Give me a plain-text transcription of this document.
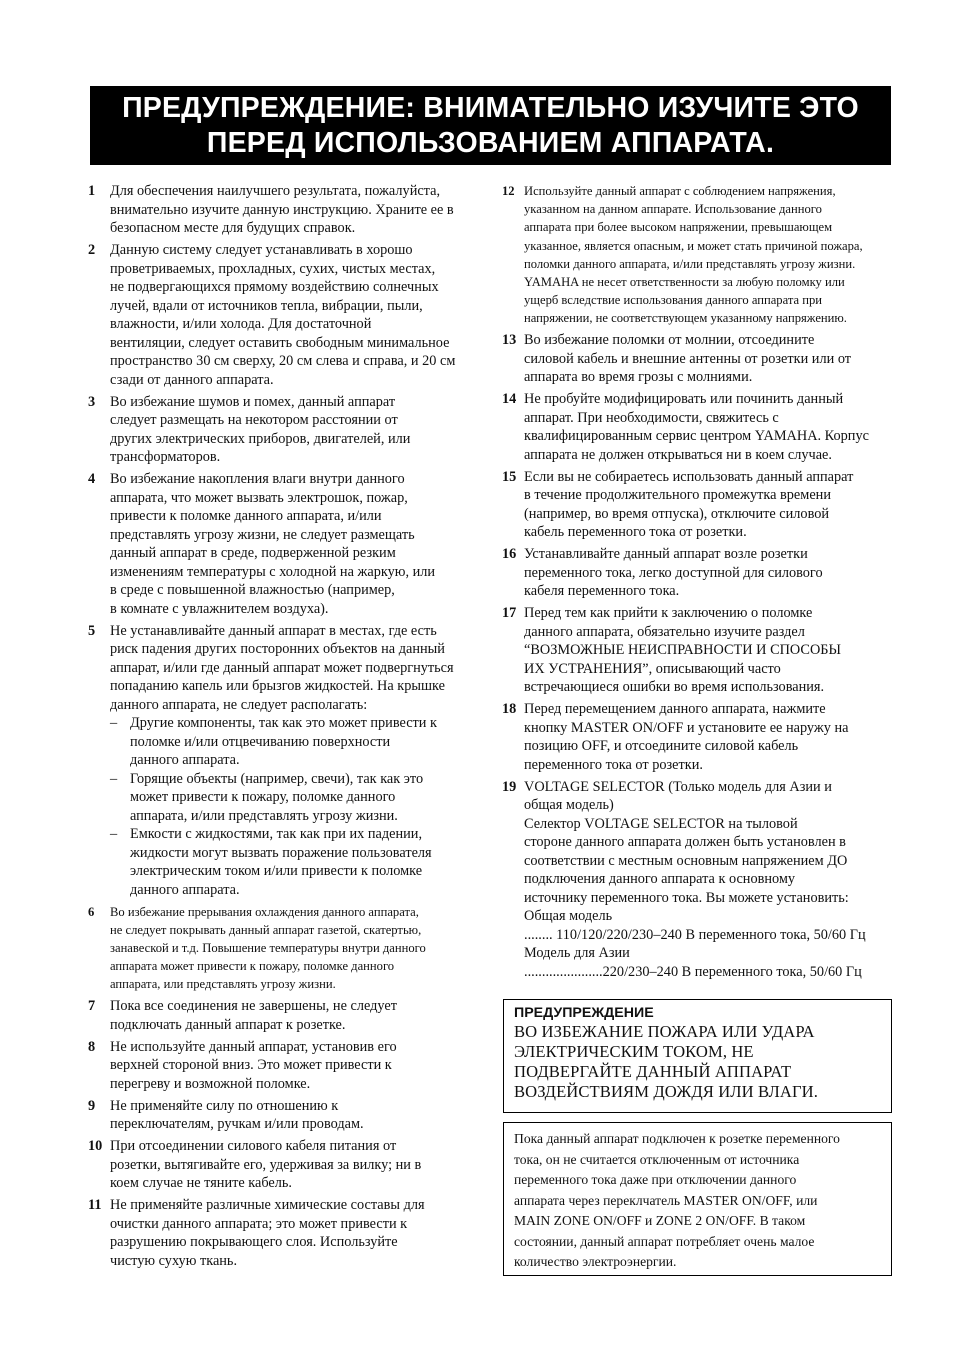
ПРЕДУПРЕЖДЕНИЕ: ВНИМАТЕЛЬНО ИЗУЧИТЕ ЭТО
ПЕРЕД ИСПОЛЬЗОВАНИЕМ АППАРАТА.
1 Для обеспечения наилучшего результата, пожалуйста,
внимательно изучите данную инструкцию. Храните ее в
безопасном месте для будущих справок.
2 Данную систему следует устанавливать в хорошо
проветриваемых, прохладных, сухих, чистых местах,
не подвергающихся прямому воздействию солнечных
лучей, вдали от источников тепла, вибрации, пыли,
влажности, и/или холода. Для достаточной
вентиляции, следует оставить свободным минимальное
пространство 30 см сверху, 20 см слева и справа, и 20 см
сзади от данного аппарата.
3 Во избежание шумов и помех, данный аппарат
следует размещать на некотором расстоянии от
других электрических приборов, двигателей, или
трансформаторов.
4 Во избежание накопления влаги внутри данного
аппарата, что может вызвать электрошок, пожар,
привести к поломке данного аппарата, и/или
представлять угрозу жизни, не следует размещать
данный аппарат в среде, подверженной резким
изменениям температуры с холодной на жаркую, или
в среде с повышенной влажностью (например,
в комнате с увлажнителем воздуха).
5 Не устанавливайте данный аппарат в местах, где есть
риск падения других посторонних объектов на данный
аппарат, и/или где данный аппарат может подвергнуться
попаданию капель или брызгов жидкостей. На крышке
данного аппарата, не следует располагать:
– Другие компоненты, так как это может привести к
поломке и/или отцвечиванию поверхности
данного аппарата.
– Горящие объекты (например, свечи), так как это
может привести к пожару, поломке данного
аппарата, и/или представлять угрозу жизни.
– Емкости с жидкостями, так как при их падении,
жидкости могут вызвать поражение пользователя
электрическим током и/или привести к поломке
данного аппарата.
6 Во избежание прерывания охлаждения данного аппарата,
не следует покрывать данный аппарат газетой, скатертью,
занавеской и т.д. Повышение температуры внутри данного
аппарата может привести к пожару, поломке данного
аппарата, или представлять угрозу жизни.
7 Пока все соединения не завершены, не следует
подключать данный аппарат к розетке.
8 Не используйте данный аппарат, установив его
верхней стороной вниз. Это может привести к
перегреву и возможной поломке.
9 Не применяйте силу по отношению к
переключателям, ручкам и/или проводам.
10 При отсоединении силового кабеля питания от
розетки, вытягивайте его, удерживая за вилку; ни в
коем случае не тяните кабель.
11 Не применяйте различные химические составы для
очистки данного аппарата; это может привести к
разрушению покрывающего слоя. Используйте
чистую сухую ткань.
12 Используйте данный аппарат с соблюдением напряжения,
указанном на данном аппарате. Использование данного
аппарата при более высоком напряжении, превышающем
указанное, является опасным, и может стать причиной пожара,
поломки данного аппарата, и/или представлять угрозу жизни.
YAMAHA не несет ответственности за любую поломку или
ущерб вследствие использования данного аппарата при
напряжении, не соответствующем указанному напряжению.
13 Во избежание поломки от молнии, отсоедините
силовой кабель и внешние антенны от розетки или от
аппарата во время грозы с молниями.
14 Не пробуйте модифицировать или починить данный
аппарат. При необходимости, свяжитесь с
квалифицированным сервис центром YAMAHA. Корпус
аппарата не должен открываться ни в коем случае.
15 Если вы не собираетесь использовать данный аппарат
в течение продолжительного промежутка времени
(например, во время отпуска), отключите силовой
кабель переменного тока от розетки.
16 Устанавливайте данный аппарат возле розетки
переменного тока, легко доступной для силового
кабеля переменного тока.
17 Перед тем как прийти к заключению о поломке
данного аппарата, обязательно изучите раздел
“ВОЗМОЖНЫЕ НЕИСПРАВНОСТИ И СПОСОБЫ
ИХ УСТРАНЕНИЯ”, описывающий часто
встречающиеся ошибки во время использования.
18 Перед перемещением данного аппарата, нажмите
кнопку MASTER ON/OFF и установите ее наружу на
позицию OFF, и отсоедините силовой кабель
переменного тока от розетки.
19 VOLTAGE SELECTOR (Только модель для Азии и
общая модель)
Селектор VOLTAGE SELECTOR на тыловой
стороне данного аппарата должен быть установлен в
соответствии с местным основным напряжением ДО
подключения данного аппарата к основному
источнику переменного тока. Вы можете установить:
Общая модель
........ 110/120/220/230–240 В переменного тока, 50/60 Гц
Модель для Азии
......................220/230–240 В переменного тока, 50/60 Гц
ПРЕДУПРЕЖДЕНИЕ
ВО ИЗБЕЖАНИЕ ПОЖАРА ИЛИ УДАРА
ЭЛЕКТРИЧЕСКИМ ТОКОМ, НЕ
ПОДВЕРГАЙТЕ ДАННЫЙ АППАРАТ
ВОЗДЕЙСТВИЯМ ДОЖДЯ ИЛИ ВЛАГИ.
Пока данный аппарат подключен к розетке переменного
тока, он не считается отключенным от источника
переменного тока даже при отключении данного
аппарата через переклчатель MASTER ON/OFF, или
MAIN ZONE ON/OFF и ZONE 2 ON/OFF. В таком
состоянии, данный аппарат потребляет очень малое
количество электроэнергии.
